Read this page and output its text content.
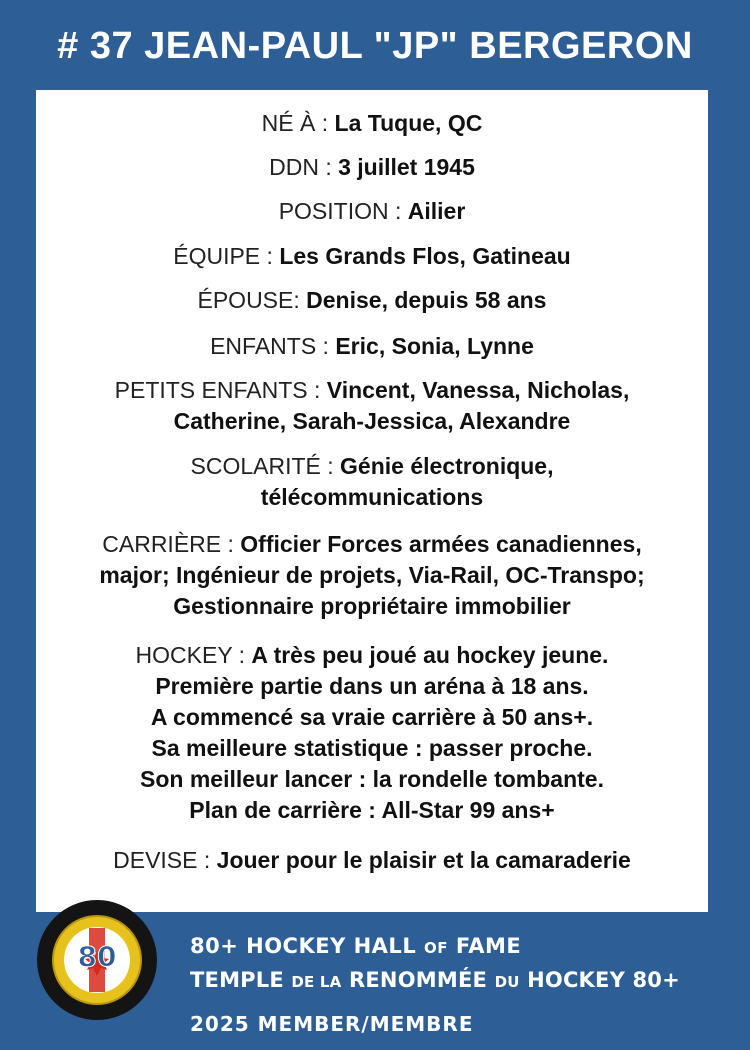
# 37 JEAN-PAUL "JP" BERGERON
NÉ À : La Tuque, QC
DDN : 3 juillet 1945
POSITION : Ailier
ÉQUIPE : Les Grands Flos, Gatineau
ÉPOUSE: Denise, depuis 58 ans
ENFANTS : Eric, Sonia, Lynne
PETITS ENFANTS : Vincent, Vanessa, Nicholas,
Catherine, Sarah-Jessica, Alexandre
SCOLARITÉ : Génie électronique,
télécommunications
CARRIÈRE : Officier Forces armées canadiennes,
major; Ingénieur de projets, Via-Rail, OC-Transpo;
Gestionnaire propriétaire immobilier
HOCKEY : A très peu joué au hockey jeune.
Première partie dans un aréna à 18 ans.
A commencé sa vraie carrière à 50 ans+.
Sa meilleure statistique : passer proche.
Son meilleur lancer : la rondelle tombante.
Plan de carrière : All-Star 99 ans+
DEVISE : Jouer pour le plaisir et la camaraderie
80	80+ HOCKEY HALL OF FAME
TEMPLE DE LA RENOMMÉE DU HOCKEY 80+
2025 MEMBER/MEMBRE
